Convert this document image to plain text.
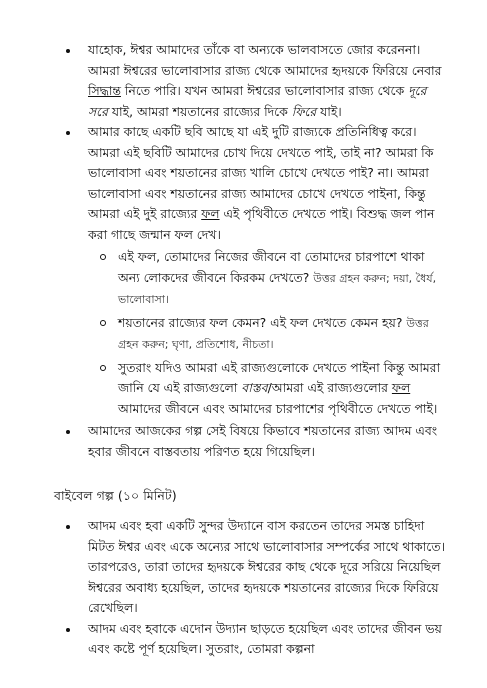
যাহোক, ঈশ্বর আমাদের তাঁকে বা অন্যকে ভালবাসতে জোর করেননা। আমরা ঈশ্বরের ভালোবাসার রাজ্য থেকে আমাদের হৃদয়কে ফিরিয়ে নেবার সিদ্ধান্ত নিতে পারি। যখন আমরা ঈশ্বরের ভালোবাসার রাজ্য থেকে দূরে সরে যাই, আমরা শয়তানের রাজ্যের দিকে ফিরে যাই।
আমার কাছে একটি ছবি আছে যা এই দুটি রাজ্যকে প্রতিনিধিত্ব করে। আমরা এই ছবিটি আমাদের চোখ দিয়ে দেখতে পাই, তাই না? আমরা কি ভালোবাসা এবং শয়তানের রাজ্য খালি চোখে দেখতে পাই? না। আমরা ভালোবাসা এবং শয়তানের রাজ্য আমাদের চোখে দেখতে পাইনা, কিন্তু আমরা এই দুই রাজ্যের ফল এই পৃথিবীতে দেখতে পাই। বিশুদ্ধ জল পান করা গাছে জন্মান ফল দেখ।
এই ফল, তোমাদের নিজের জীবনে বা তোমাদের চারপাশে থাকা অন্য লোকদের জীবনে কিরকম দেখতে? উত্তর গ্রহন করুন; দয়া, ধৈর্য, ভালোবাসা।
শয়তানের রাজ্যের ফল কেমন? এই ফল দেখতে কেমন হয়? উত্তর গ্রহন করুন; ঘৃণা, প্রতিশোধ, নীচতা।
সুতরাং যদিও আমরা এই রাজ্যগুলোকে দেখতে পাইনা কিন্তু আমরা জানি যে এই রাজ্যগুলো বাস্তব/আমরা এই রাজ্যগুলোর ফল আমাদের জীবনে এবং আমাদের চারপাশের পৃথিবীতে দেখতে পাই।
আমাদের আজকের গল্প সেই বিষয়ে কিভাবে শয়তানের রাজ্য আদম এবং হবার জীবনে বাস্তবতায় পরিণত হয়ে গিয়েছিল।
বাইবেল গল্প (১০ মিনিট)
আদম এবং হবা একটি সুন্দর উদ্যানে বাস করতেন তাদের সমস্ত চাহিদা মিটত ঈশ্বর এবং একে অন্যের সাথে ভালোবাসার সম্পর্কের সাথে থাকাতে। তারপরেও, তারা তাদের হৃদয়কে ঈশ্বরের কাছ থেকে দূরে সরিয়ে নিয়েছিল ঈশ্বরের অবাধ্য হয়েছিল, তাদের হৃদয়কে শয়তানের রাজ্যের দিকে ফিরিয়ে রেখেছিল।
আদম এবং হবাকে এদোন উদ্যান ছাড়তে হয়েছিল এবং তাদের জীবন ভয় এবং কষ্টে পূর্ণ হয়েছিল। সুতরাং, তোমরা কল্পনা
